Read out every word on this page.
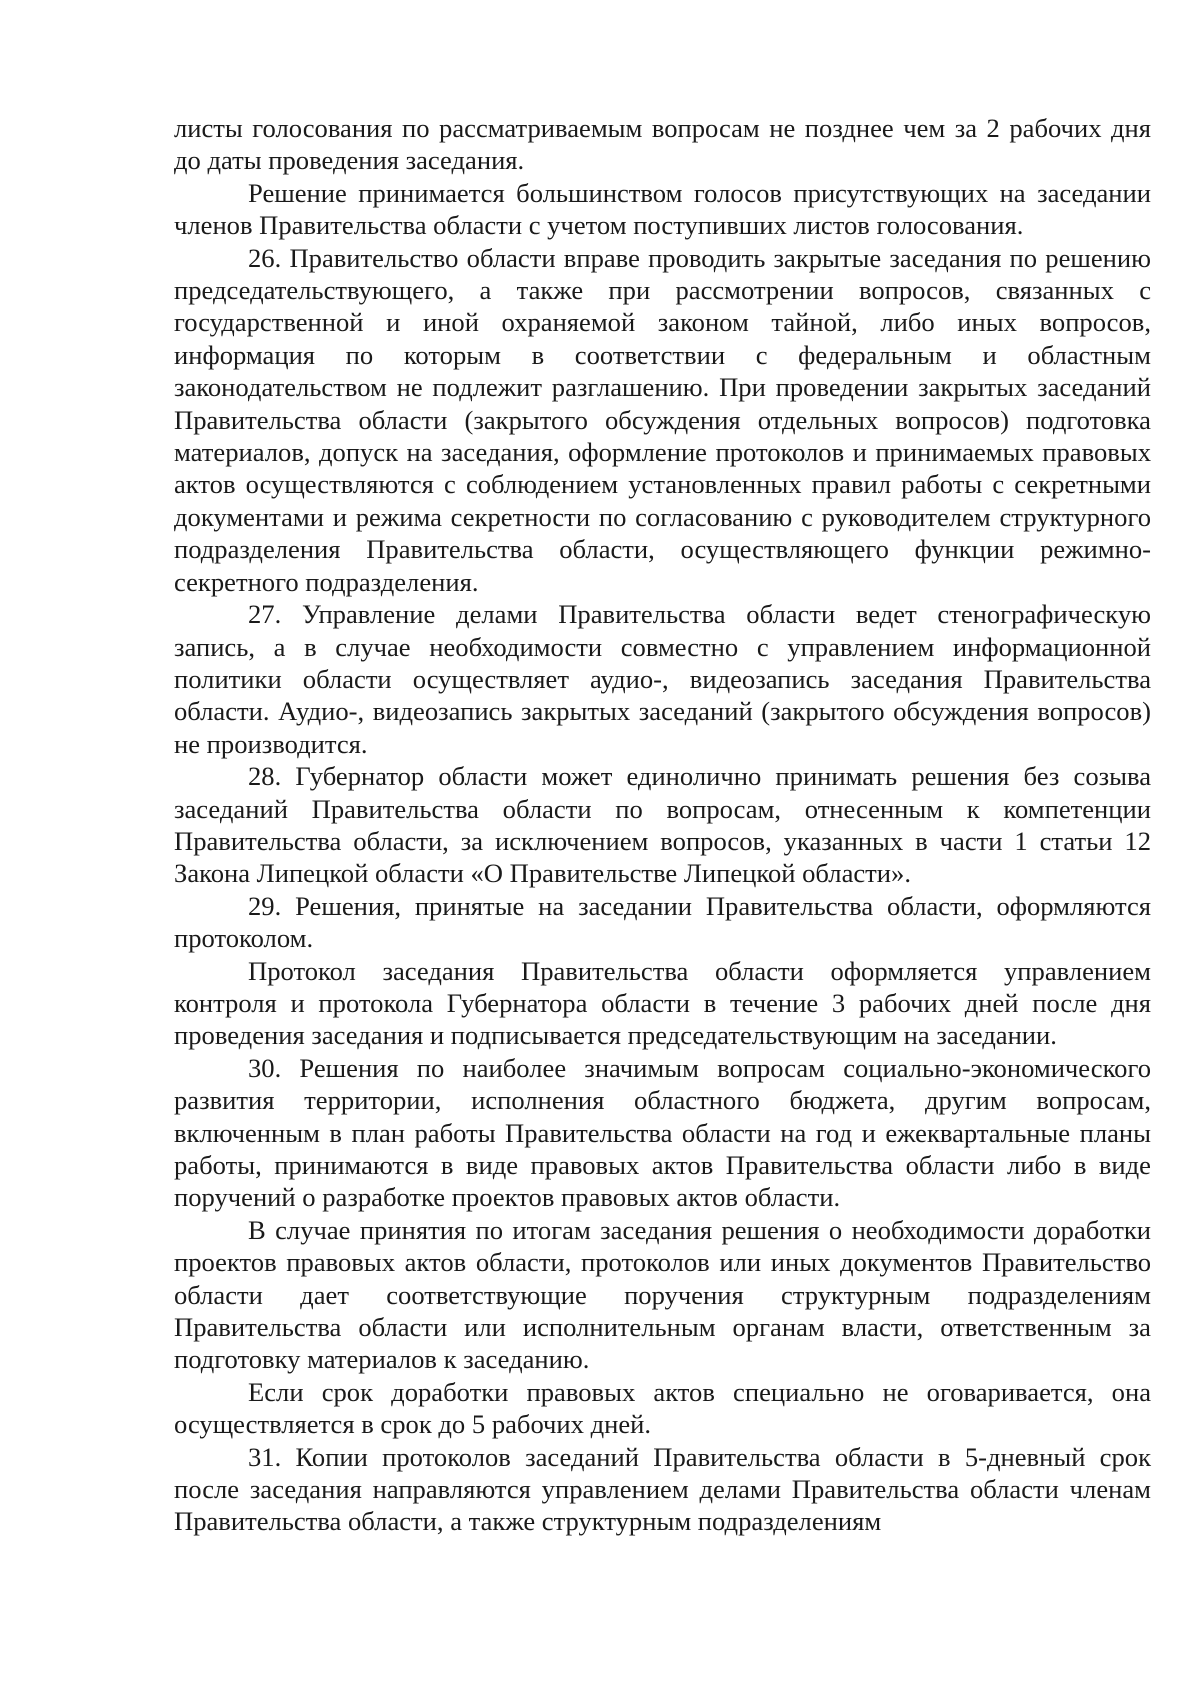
листы голосования по рассматриваемым вопросам не позднее чем за 2 рабочих дня до даты проведения заседания.

Решение принимается большинством голосов присутствующих на заседании членов Правительства области с учетом поступивших листов голосования.

26. Правительство области вправе проводить закрытые заседания по решению председательствующего, а также при рассмотрении вопросов, связанных с государственной и иной охраняемой законом тайной, либо иных вопросов, информация по которым в соответствии с федеральным и областным законодательством не подлежит разглашению. При проведении закрытых заседаний Правительства области (закрытого обсуждения отдельных вопросов) подготовка материалов, допуск на заседания, оформление протоколов и принимаемых правовых актов осуществляются с соблюдением установленных правил работы с секретными документами и режима секретности по согласованию с руководителем структурного подразделения Правительства области, осуществляющего функции режимно-секретного подразделения.

27. Управление делами Правительства области ведет стенографическую запись, а в случае необходимости совместно с управлением информационной политики области осуществляет аудио-, видеозапись заседания Правительства области. Аудио-, видеозапись закрытых заседаний (закрытого обсуждения вопросов) не производится.

28. Губернатор области может единолично принимать решения без созыва заседаний Правительства области по вопросам, отнесенным к компетенции Правительства области, за исключением вопросов, указанных в части 1 статьи 12 Закона Липецкой области «О Правительстве Липецкой области».

29. Решения, принятые на заседании Правительства области, оформляются протоколом.

Протокол заседания Правительства области оформляется управлением контроля и протокола Губернатора области в течение 3 рабочих дней после дня проведения заседания и подписывается председательствующим на заседании.

30. Решения по наиболее значимым вопросам социально-экономического развития территории, исполнения областного бюджета, другим вопросам, включенным в план работы Правительства области на год и ежеквартальные планы работы, принимаются в виде правовых актов Правительства области либо в виде поручений о разработке проектов правовых актов области.

В случае принятия по итогам заседания решения о необходимости доработки проектов правовых актов области, протоколов или иных документов Правительство области дает соответствующие поручения структурным подразделениям Правительства области или исполнительным органам власти, ответственным за подготовку материалов к заседанию.

Если срок доработки правовых актов специально не оговаривается, она осуществляется в срок до 5 рабочих дней.

31. Копии протоколов заседаний Правительства области в 5-дневный срок после заседания направляются управлением делами Правительства области членам Правительства области, а также структурным подразделениям
